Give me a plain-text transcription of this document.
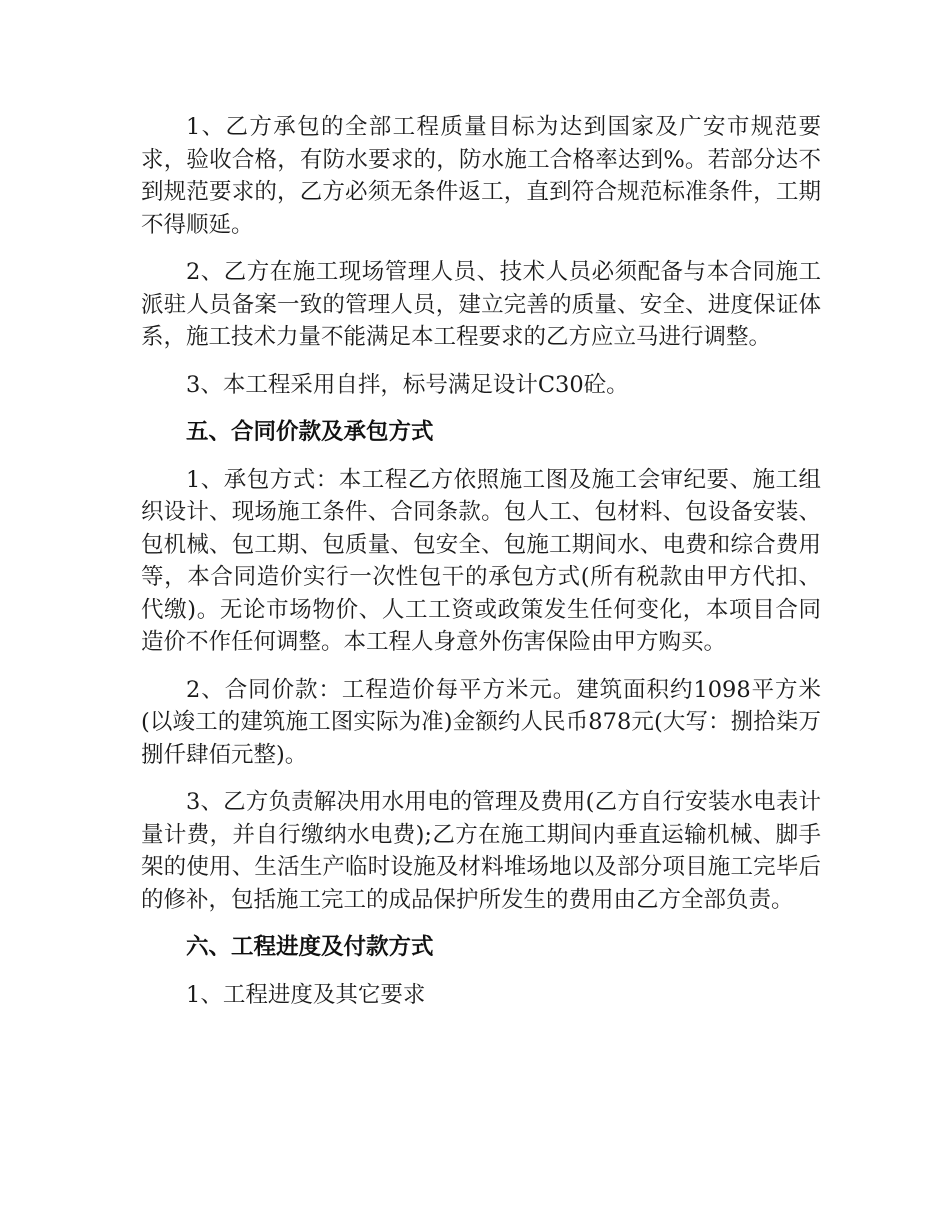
1、乙方承包的全部工程质量目标为达到国家及广安市规范要求，验收合格，有防水要求的，防水施工合格率达到%。若部分达不到规范要求的，乙方必须无条件返工，直到符合规范标准条件，工期不得顺延。

2、乙方在施工现场管理人员、技术人员必须配备与本合同施工派驻人员备案一致的管理人员，建立完善的质量、安全、进度保证体系，施工技术力量不能满足本工程要求的乙方应立马进行调整。

3、本工程采用自拌，标号满足设计C30砼。

五、合同价款及承包方式

1、承包方式：本工程乙方依照施工图及施工会审纪要、施工组织设计、现场施工条件、合同条款。包人工、包材料、包设备安装、包机械、包工期、包质量、包安全、包施工期间水、电费和综合费用等，本合同造价实行一次性包干的承包方式(所有税款由甲方代扣、代缴)。无论市场物价、人工工资或政策发生任何变化，本项目合同造价不作任何调整。本工程人身意外伤害保险由甲方购买。

2、合同价款：工程造价每平方米元。建筑面积约1098平方米(以竣工的建筑施工图实际为准)金额约人民币878元(大写：捌拾柒万捌仟肆佰元整)。

3、乙方负责解决用水用电的管理及费用(乙方自行安装水电表计量计费，并自行缴纳水电费);乙方在施工期间内垂直运输机械、脚手架的使用、生活生产临时设施及材料堆场地以及部分项目施工完毕后的修补，包括施工完工的成品保护所发生的费用由乙方全部负责。

六、工程进度及付款方式

1、工程进度及其它要求
